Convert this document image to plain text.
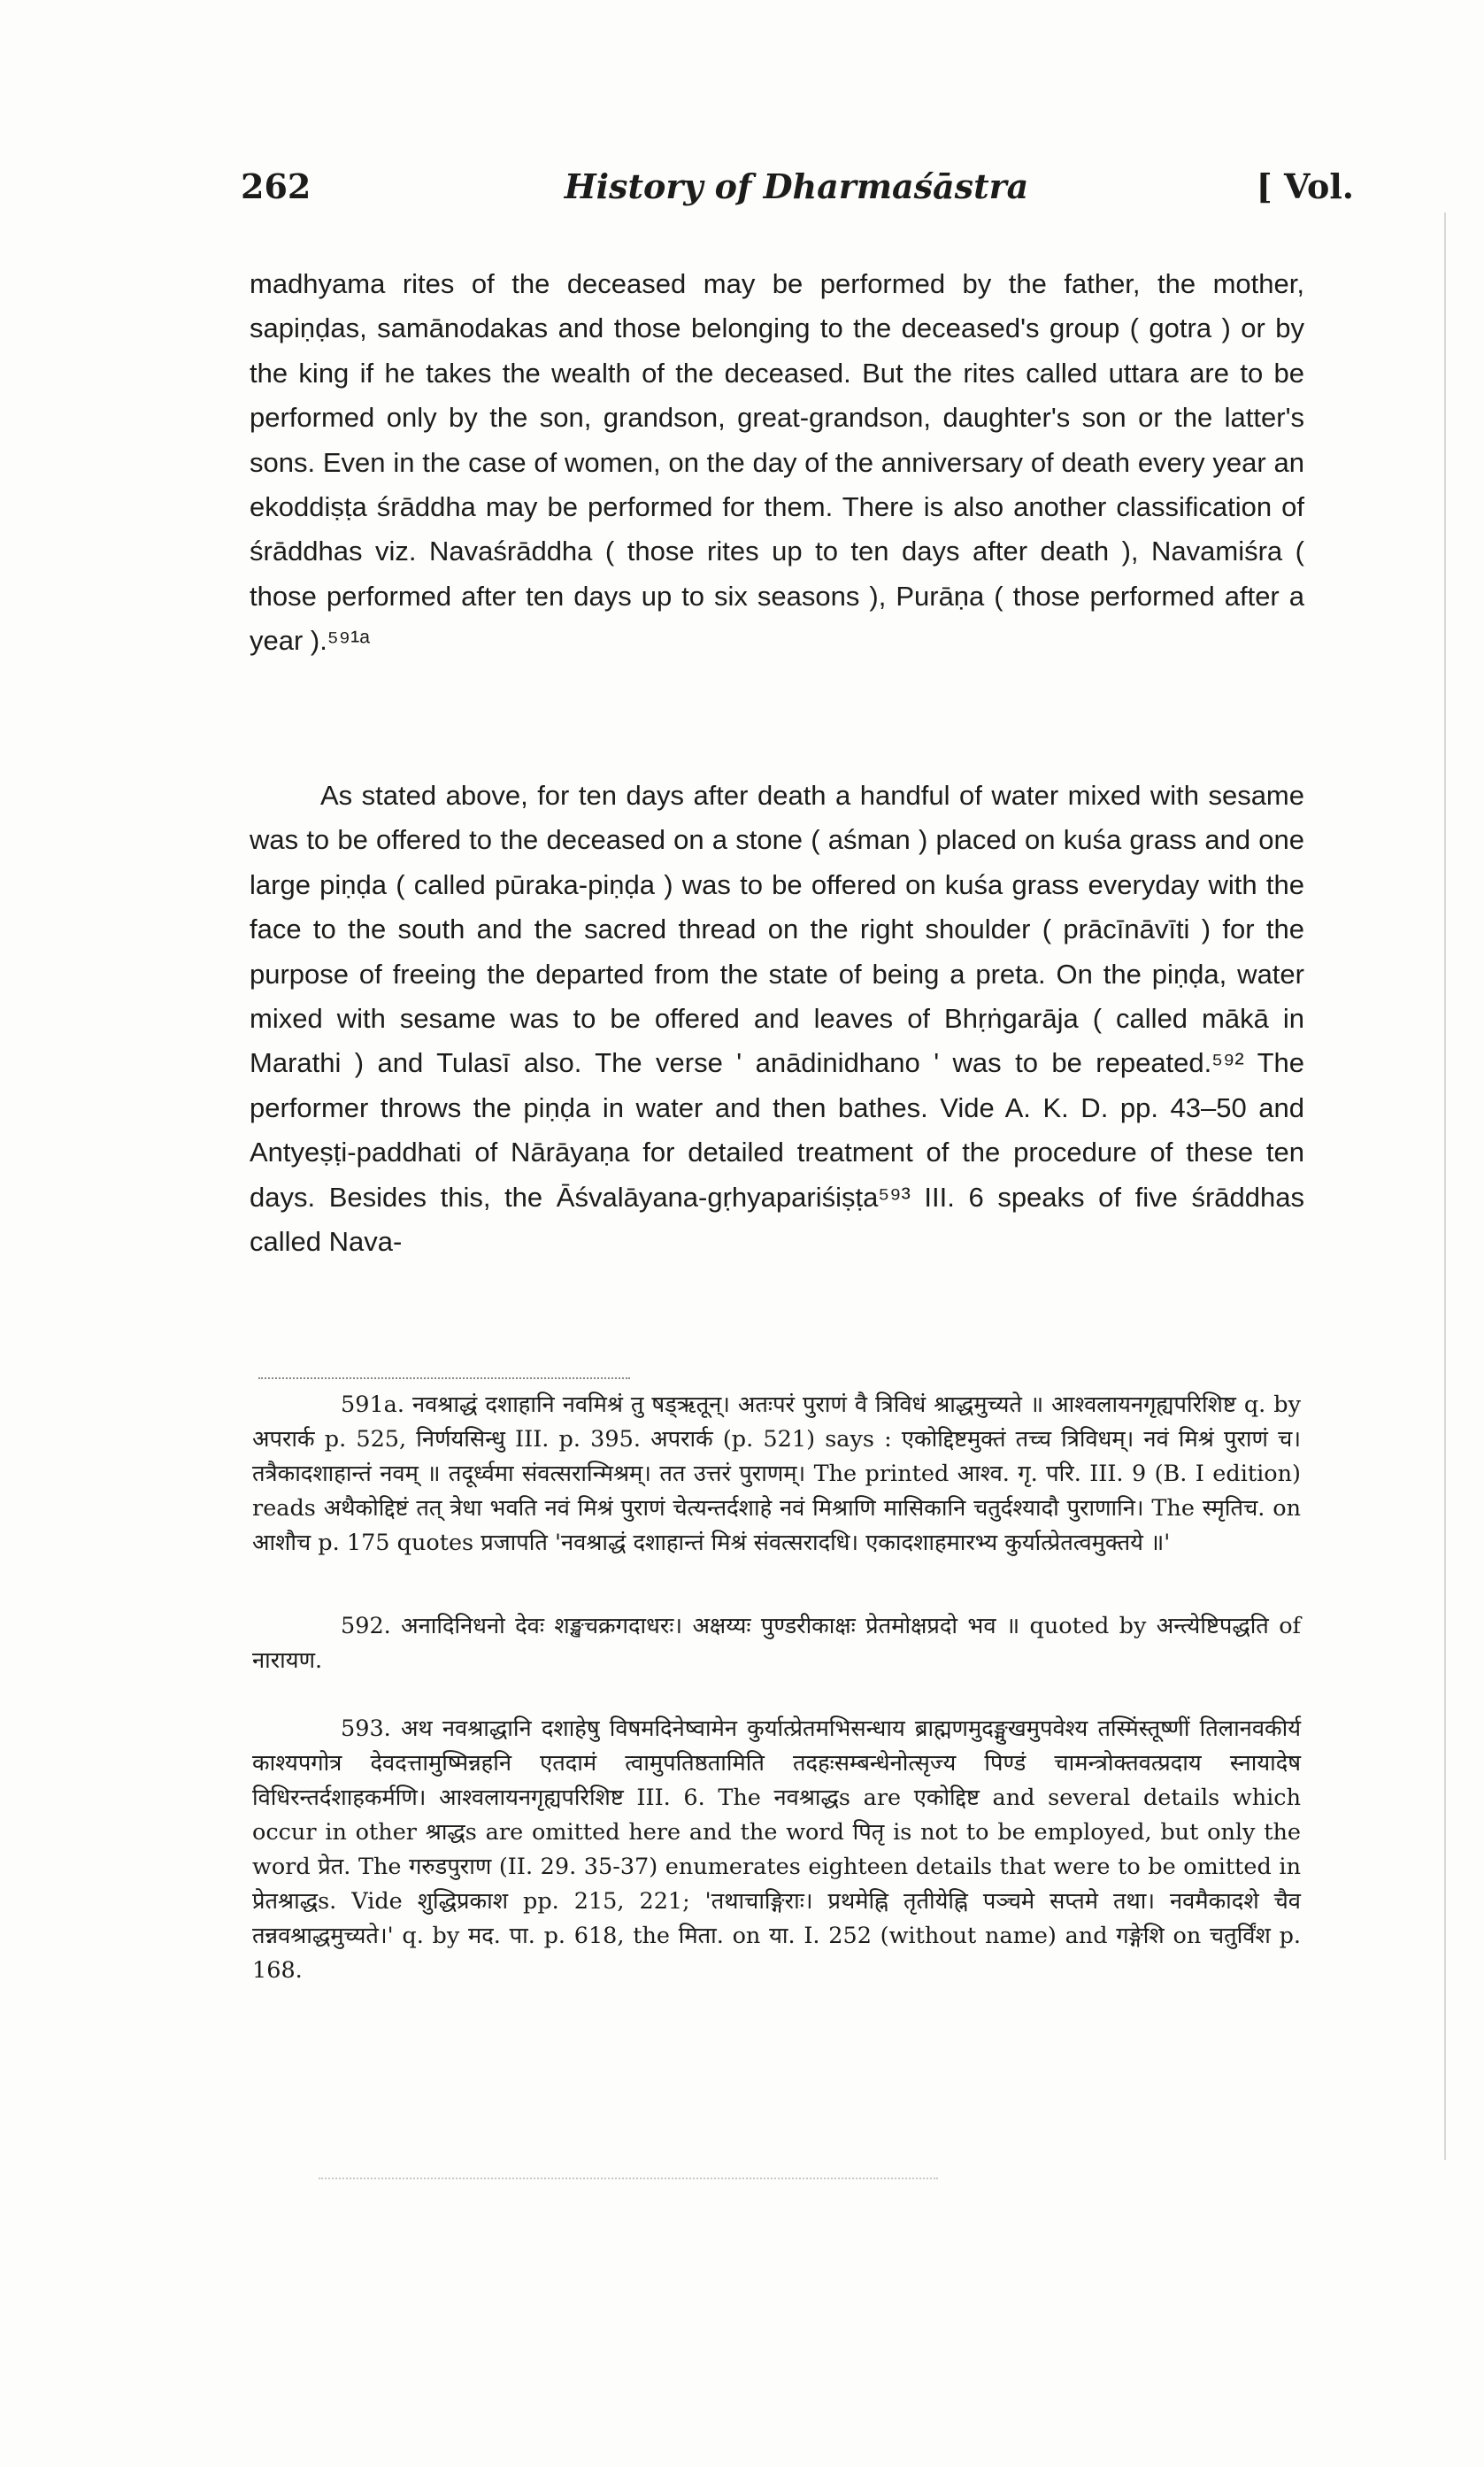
262	History of Dharmaśāstra	[ Vol.

madhyama rites of the deceased may be performed by the father, the mother, sapiṇḍas, samānodakas and those belonging to the deceased's group ( gotra ) or by the king if he takes the wealth of the deceased. But the rites called uttara are to be performed only by the son, grandson, great-grandson, daughter's son or the latter's sons. Even in the case of women, on the day of the anniversary of death every year an ekoddiṣṭa śrāddha may be performed for them. There is also another classification of śrāddhas viz. Navaśrāddha ( those rites up to ten days after death ), Navamiśra ( those performed after ten days up to six seasons ), Purāṇa ( those performed after a year ).⁵⁹¹ᵃ

As stated above, for ten days after death a handful of water mixed with sesame was to be offered to the deceased on a stone ( aśman ) placed on kuśa grass and one large piṇḍa ( called pūraka-piṇḍa ) was to be offered on kuśa grass everyday with the face to the south and the sacred thread on the right shoulder ( prācīnāvīti ) for the purpose of freeing the departed from the state of being a preta. On the piṇḍa, water mixed with sesame was to be offered and leaves of Bhṛṅgarāja ( called mākā in Marathi ) and Tulasī also. The verse ' anādinidhano ' was to be repeated.⁵⁹² The performer throws the piṇḍa in water and then bathes. Vide A. K. D. pp. 43–50 and Antyeṣṭi-paddhati of Nārāyaṇa for detailed treatment of the procedure of these ten days. Besides this, the Āśvalāyana-gṛhyapariśiṣṭa⁵⁹³ III. 6 speaks of five śrāddhas called Nava-

591a. नवश्राद्धं दशाहानि नवमिश्रं तु षड्ऋतून्। अतःपरं पुराणं वै त्रिविधं श्राद्धमुच्यते ॥ आश्वलायनगृह्यपरिशिष्ट q. by अपरार्क p. 525, निर्णयसिन्धु III. p. 395. अपरार्क (p. 521) says : एकोद्दिष्टमुक्तं तच्च त्रिविधम्। नवं मिश्रं पुराणं च। तत्रैकादशाहान्तं नवम् ॥ तदूर्ध्वमा संवत्सरान्मिश्रम्। तत उत्तरं पुराणम्। The printed आश्व. गृ. परि. III. 9 (B. I edition) reads अथैकोद्दिष्टं तत् त्रेधा भवति नवं मिश्रं पुराणं चेत्यन्तर्दशाहे नवं मिश्राणि मासिकानि चतुर्दश्यादौ पुराणानि। The स्मृतिच. on आशौच p. 175 quotes प्रजापति 'नवश्राद्धं दशाहान्तं मिश्रं संवत्सरादधि। एकादशाहमारभ्य कुर्यात्प्रेतत्वमुक्तये ॥'

592. अनादिनिधनो देवः शङ्खचक्रगदाधरः। अक्षय्यः पुण्डरीकाक्षः प्रेतमोक्षप्रदो भव ॥ quoted by अन्त्येष्टिपद्धति of नारायण.

593. अथ नवश्राद्धानि दशाहेषु विषमदिनेष्वामेन कुर्यात्प्रेतमभिसन्धाय ब्राह्मणमुदङ्मुखमुपवेश्य तस्मिंस्तूष्णीं तिलानवकीर्य काश्यपगोत्र देवदत्तामुष्मिन्नहनि एतदामं त्वामुपतिष्ठतामिति तदहःसम्बन्धेनोत्सृज्य पिण्डं चामन्त्रोक्तवत्प्रदाय स्नायादेष विधिरन्तर्दशाहकर्मणि। आश्वलायनगृह्यपरिशिष्ट III. 6. The नवश्राद्धs are एकोद्दिष्ट and several details which occur in other श्राद्धs are omitted here and the word पितृ is not to be employed, but only the word प्रेत. The गरुडपुराण (II. 29. 35-37) enumerates eighteen details that were to be omitted in प्रेतश्राद्धs. Vide शुद्धिप्रकाश pp. 215, 221; 'तथाचाङ्गिराः। प्रथमेह्नि तृतीयेह्नि पञ्चमे सप्तमे तथा। नवमैकादशे चैव तन्नवश्राद्धमुच्यते।' q. by मद. पा. p. 618, the मिता. on या. I. 252 (without name) and गङ्गेशि on चतुर्विंश p. 168.
